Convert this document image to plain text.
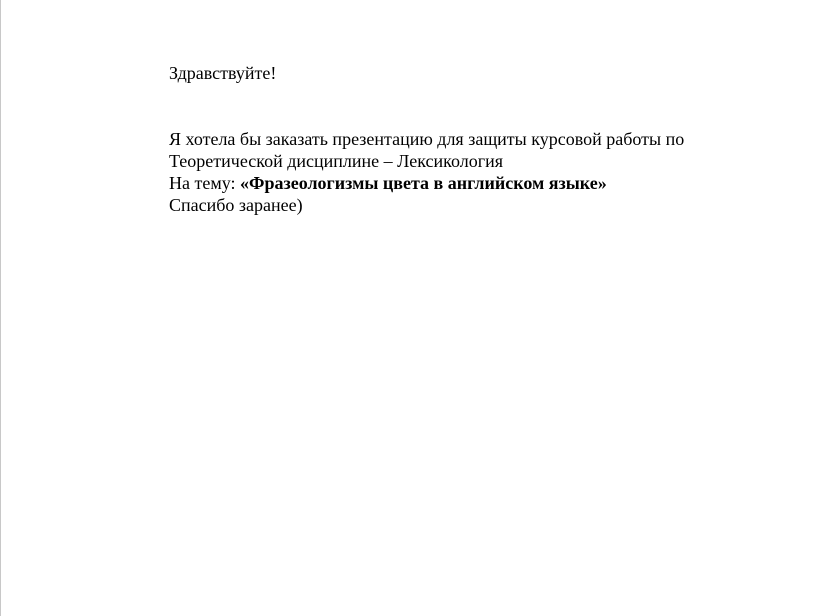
Здравствуйте!
Я хотела бы заказать презентацию для защиты курсовой работы по
Теоретической дисциплине – Лексикология
На тему: «Фразеологизмы цвета в английском языке»
Спасибо заранее)
